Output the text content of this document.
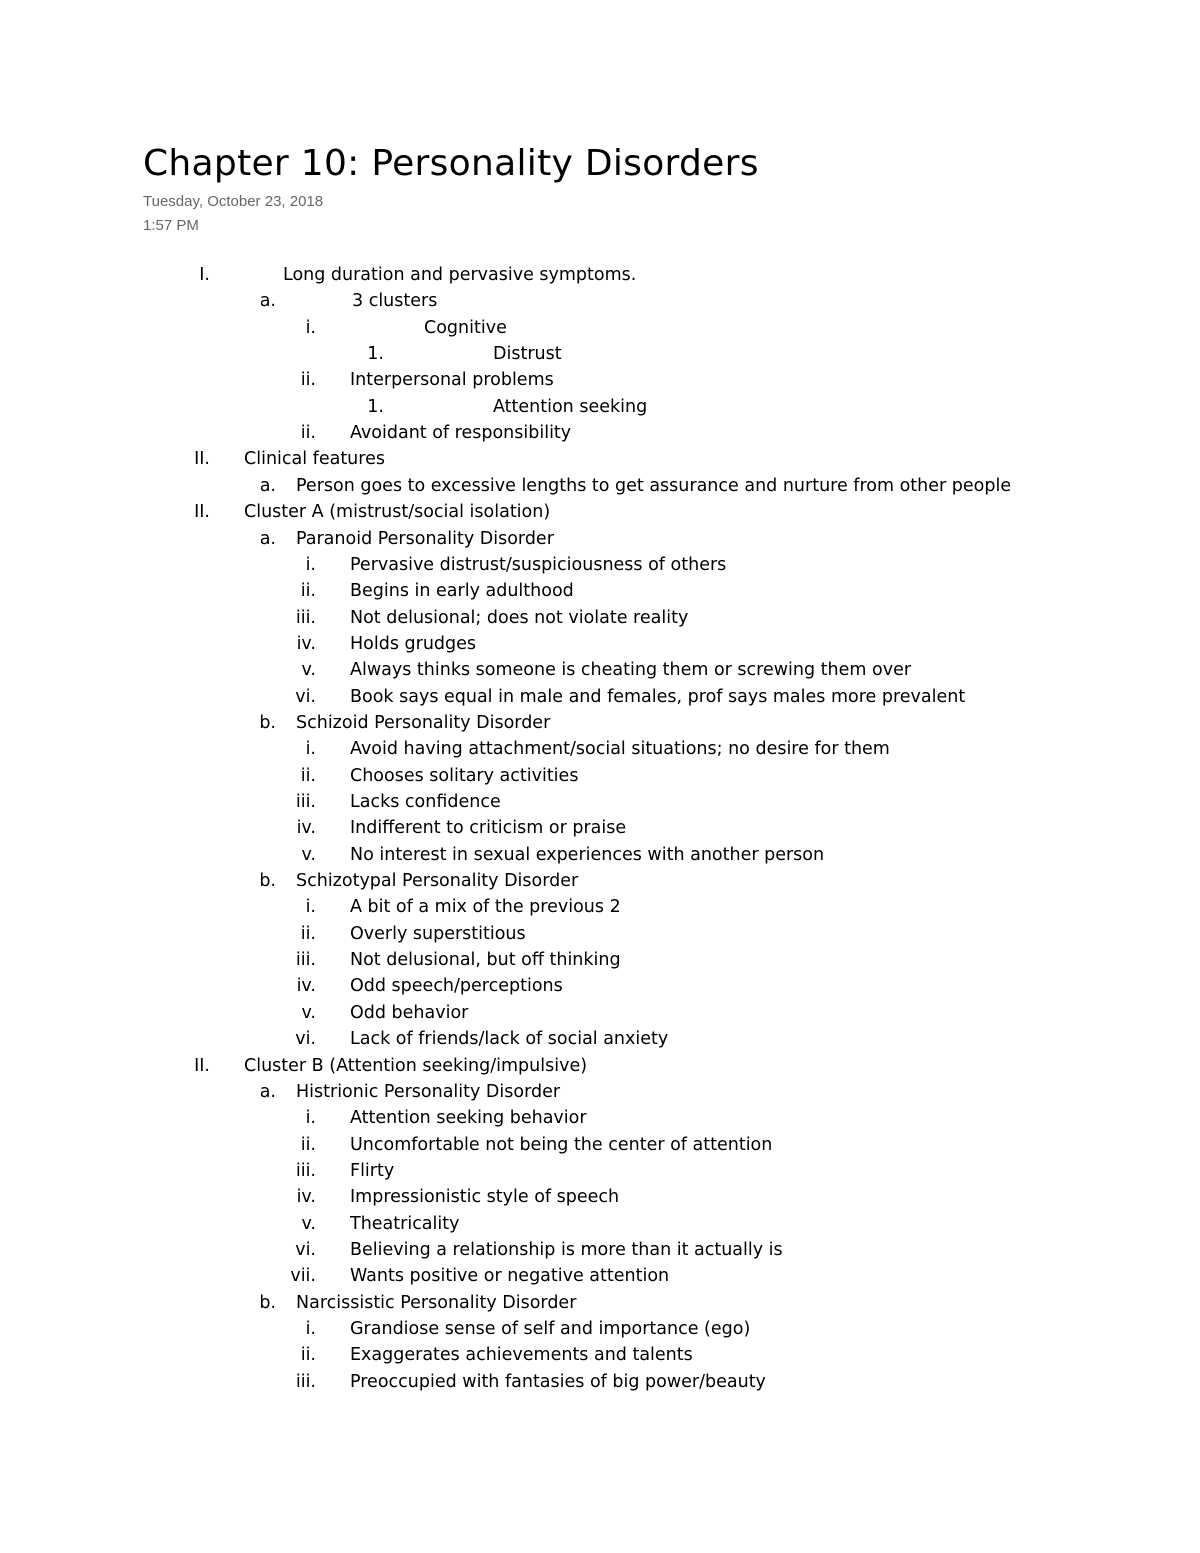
Chapter 10: Personality Disorders
Tuesday, October 23, 2018
1:57 PM
I.	Long duration and pervasive symptoms.
a.	3 clusters
i.	Cognitive
1.	Distrust
ii. Interpersonal problems
1.	Attention seeking
ii. Avoidant of responsibility
II. Clinical features
a. Person goes to excessive lengths to get assurance and nurture from other people
II. Cluster A (mistrust/social isolation)
a. Paranoid Personality Disorder
i. Pervasive distrust/suspiciousness of others
ii. Begins in early adulthood
iii. Not delusional; does not violate reality
iv. Holds grudges
v. Always thinks someone is cheating them or screwing them over
vi. Book says equal in male and females, prof says males more prevalent
b. Schizoid Personality Disorder
i. Avoid having attachment/social situations; no desire for them
ii. Chooses solitary activities
iii. Lacks confidence
iv. Indifferent to criticism or praise
v. No interest in sexual experiences with another person
b. Schizotypal Personality Disorder
i. A bit of a mix of the previous 2
ii. Overly superstitious
iii. Not delusional, but off thinking
iv. Odd speech/perceptions
v. Odd behavior
vi. Lack of friends/lack of social anxiety
II. Cluster B (Attention seeking/impulsive)
a. Histrionic Personality Disorder
i. Attention seeking behavior
ii. Uncomfortable not being the center of attention
iii. Flirty
iv. Impressionistic style of speech
v. Theatricality
vi. Believing a relationship is more than it actually is
vii. Wants positive or negative attention
b. Narcissistic Personality Disorder
i. Grandiose sense of self and importance (ego)
ii. Exaggerates achievements and talents
iii. Preoccupied with fantasies of big power/beauty
